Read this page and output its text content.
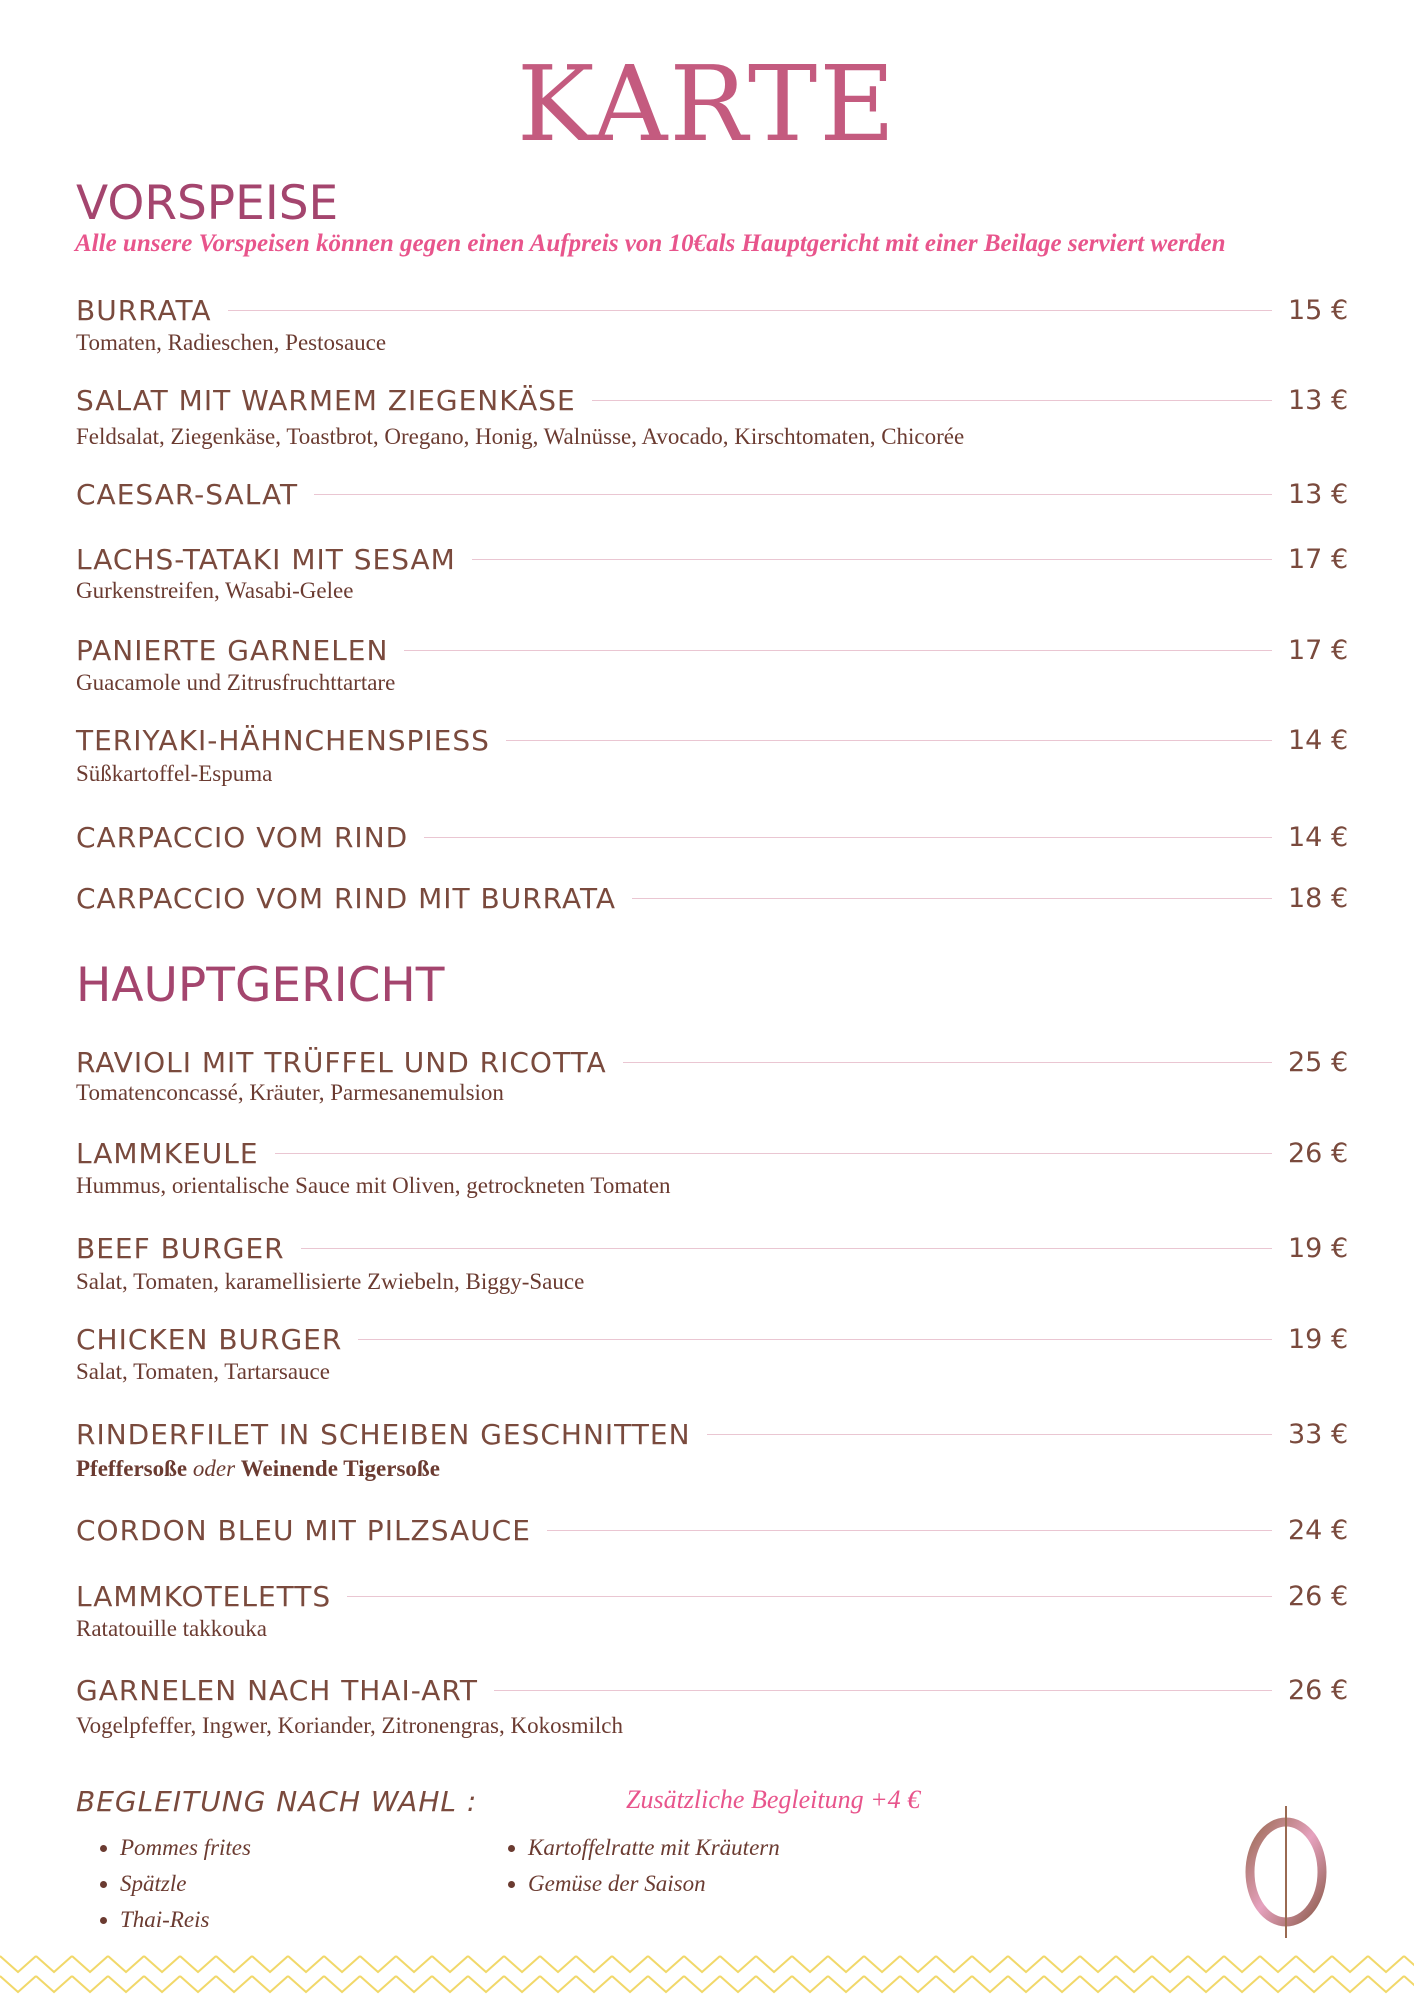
KARTE
VORSPEISE
Alle unsere Vorspeisen können gegen einen Aufpreis von 10€als Hauptgericht mit einer Beilage serviert werden
BURRATA	15 €
Tomaten, Radieschen, Pestosauce
SALAT MIT WARMEM ZIEGENKÄSE	13 €
Feldsalat, Ziegenkäse, Toastbrot, Oregano, Honig, Walnüsse, Avocado, Kirschtomaten, Chicorée
CAESAR-SALAT	13 €
LACHS-TATAKI MIT SESAM	17 €
Gurkenstreifen, Wasabi-Gelee
PANIERTE GARNELEN	17 €
Guacamole und Zitrusfruchttartare
TERIYAKI-HÄHNCHENSPIESS	14 €
Süßkartoffel-Espuma
CARPACCIO VOM RIND	14 €
CARPACCIO VOM RIND MIT BURRATA	18 €
HAUPTGERICHT
RAVIOLI MIT TRÜFFEL UND RICOTTA	25 €
Tomatenconcassé, Kräuter, Parmesanemulsion
LAMMKEULE	26 €
Hummus, orientalische Sauce mit Oliven, getrockneten Tomaten
BEEF BURGER	19 €
Salat, Tomaten, karamellisierte Zwiebeln, Biggy-Sauce
CHICKEN BURGER	19 €
Salat, Tomaten, Tartarsauce
RINDERFILET IN SCHEIBEN GESCHNITTEN	33 €
Pfeffersoße oder Weinende Tigersoße
CORDON BLEU MIT PILZSAUCE	24 €
LAMMKOTELETTS	26 €
Ratatouille takkouka
GARNELEN NACH THAI-ART	26 €
Vogelpfeffer, Ingwer, Koriander, Zitronengras, Kokosmilch
BEGLEITUNG NACH WAHL :	Zusätzliche Begleitung +4 €
• Pommes frites
• Spätzle
• Thai-Reis
• Kartoffelratte mit Kräutern
• Gemüse der Saison
